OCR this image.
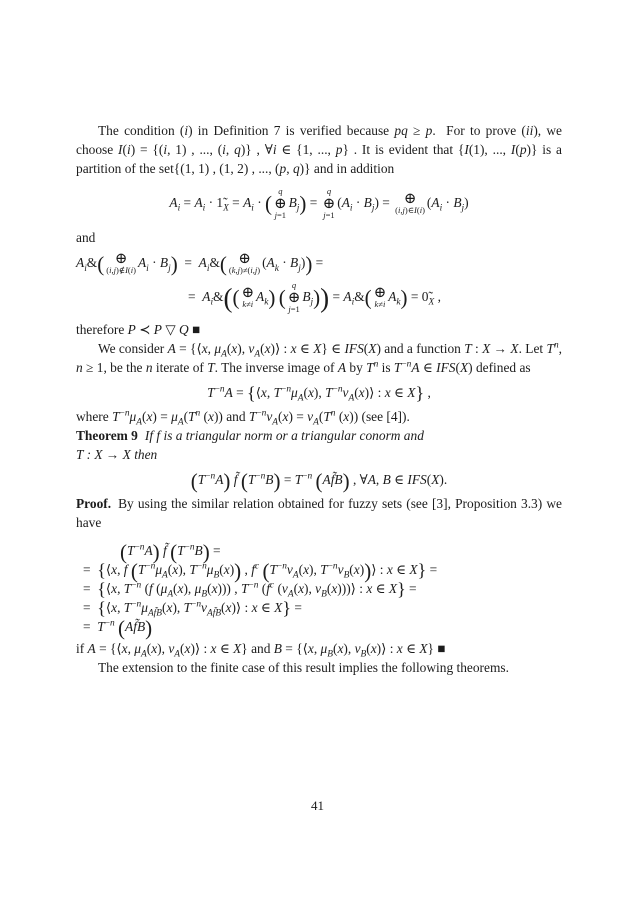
The condition (i) in Definition 7 is verified because pq ≥ p.  For to prove (ii), we choose I(i) = {(i, 1) , ..., (i, q)} , ∀i ∈ {1, ..., p} . It is evident that {I(1), ..., I(p)} is a partition of the set{(1, 1) , (1, 2) , ..., (p, q)} and in addition

$A_i = A_i$ · $1̃_X = A_i$ · (
q
⊕
j=1
$B_j$) =
q
⊕
j=1
$(A_i \cdot B_j)$ = ⊕
(i,j)∈I(i)
$(A_i \cdot B_j)$

and

$A_i\&$( ⊕
(i,j)∉I(i)
$A_i \cdot B_j$)  =  $A_i\&$( ⊕
(k,j)≠(i,j)
$(A_k \cdot B_j)$) =
=  $A_i\&$(( ⊕
k≠i
$A_k$) (
q
⊕
j=1
$B_j$)) = $A_i\&$( ⊕
k≠i
$A_k$) = $0̃_X$ ,

therefore P ≺ P ▽ Q ■

We consider A = {⟨x, $\mu_A(x)$, $\nu_A(x)⟩$ : x ∈ X} ∈ IFS(X) and a function T : X → X. Let $T^n$, n ≥ 1, be the n iterate of T. The inverse image of A by $T^n$ is $T^{-n}A$ ∈ IFS(X) defined as

$T^{-n}A$ = {⟨x, $T^{-n}\mu_A(x)$, $T^{-n}\nu_A(x)⟩$ : x ∈ X} ,

where $T^{-n}\mu_A(x) = \mu_A(T^n$ (x)) and $T^{-n}\nu_A(x) = \nu_A(T^n$ (x)) (see [4]).

Theorem 9 If f is a triangular norm or a triangular conorm and
T : X → X then

$(T^{-n}A)$ f̃ $(T^{-n}B) = T^{-n}$ (Af̃B) , ∀A, B ∈ IFS(X).

Proof. By using the similar relation obtained for fuzzy sets (see [3], Proposition 3.3) we have

$(T^{-n}A)$ f̃ $(T^{-n}B)$ =
=  {⟨x, f ($T^{-n}\mu_A(x)$, $T^{-n}\mu_B(x)$) , $f^c$ ($T^{-n}\nu_A(x)$, $T^{-n}\nu_B(x))⟩$ : x ∈ X} =
=  {⟨x, $T^{-n}$ (f ($\mu_A(x)$, $\mu_B(x)$)) , $T^{-n}$ ($f^c$ ($\nu_A(x)$, $\nu_B(x)))⟩$ : x ∈ X} =
=  {⟨x, $T^{-n}\mu_{Af̃B}(x)$, $T^{-n}\nu_{Af̃B}(x)⟩$ : x ∈ X} =
=  $T^{-n}$ (Af̃B)

if A = {⟨x, $\mu_A(x)$, $\nu_A(x)⟩$ : x ∈ X} and B = {⟨x, $\mu_B(x)$, $\nu_B(x)⟩$ : x ∈ X} ■

The extension to the finite case of this result implies the following theorems.

41
